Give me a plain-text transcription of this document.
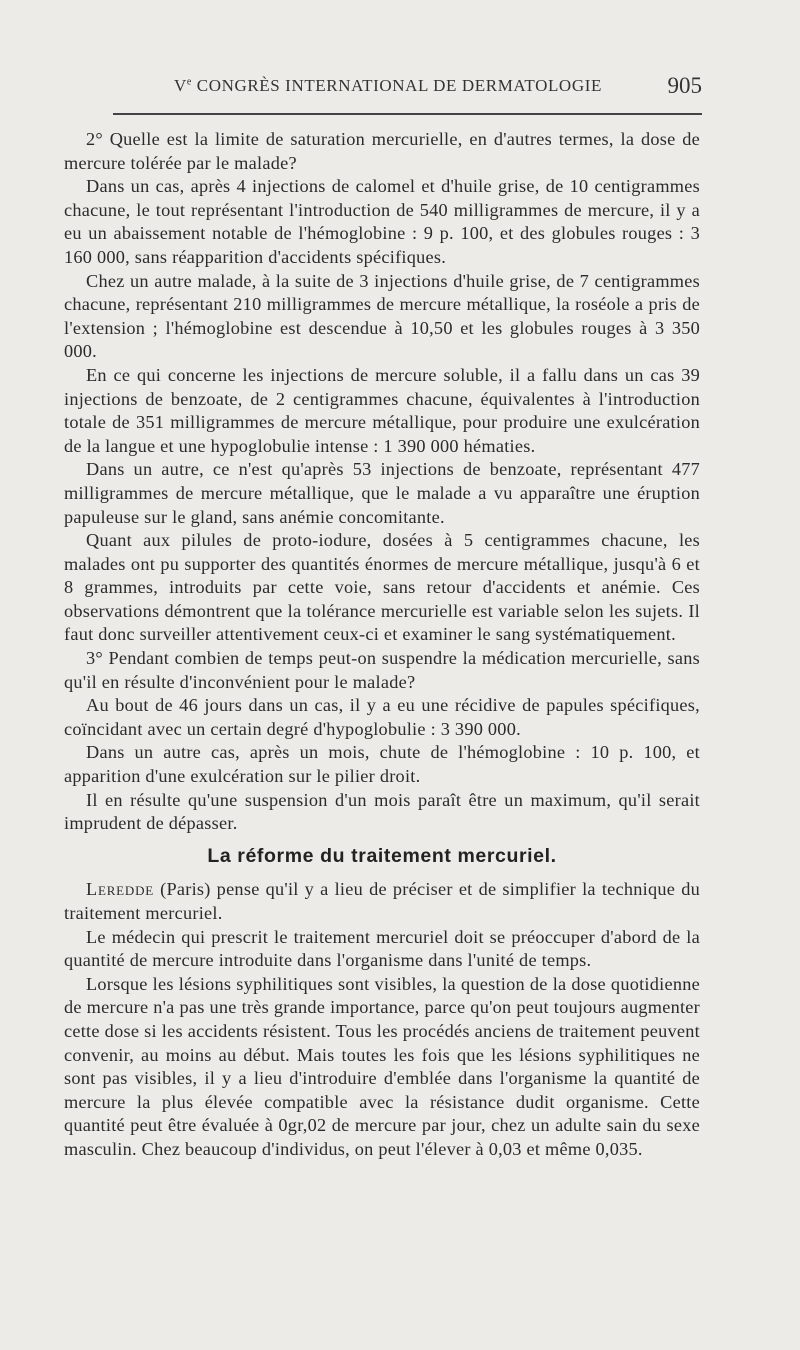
Ve CONGRÈS INTERNATIONAL DE DERMATOLOGIE	905

2° Quelle est la limite de saturation mercurielle, en d'autres termes, la dose de mercure tolérée par le malade?

Dans un cas, après 4 injections de calomel et d'huile grise, de 10 centigrammes chacune, le tout représentant l'introduction de 540 milligrammes de mercure, il y a eu un abaissement notable de l'hémoglobine : 9 p. 100, et des globules rouges : 3 160 000, sans réapparition d'accidents spécifiques.

Chez un autre malade, à la suite de 3 injections d'huile grise, de 7 centigrammes chacune, représentant 210 milligrammes de mercure métallique, la roséole a pris de l'extension ; l'hémoglobine est descendue à 10,50 et les globules rouges à 3 350 000.

En ce qui concerne les injections de mercure soluble, il a fallu dans un cas 39 injections de benzoate, de 2 centigrammes chacune, équivalentes à l'introduction totale de 351 milligrammes de mercure métallique, pour produire une exulcération de la langue et une hypoglobulie intense : 1 390 000 hématies.

Dans un autre, ce n'est qu'après 53 injections de benzoate, représentant 477 milligrammes de mercure métallique, que le malade a vu apparaître une éruption papuleuse sur le gland, sans anémie concomitante.

Quant aux pilules de proto-iodure, dosées à 5 centigrammes chacune, les malades ont pu supporter des quantités énormes de mercure métallique, jusqu'à 6 et 8 grammes, introduits par cette voie, sans retour d'accidents et anémie. Ces observations démontrent que la tolérance mercurielle est variable selon les sujets. Il faut donc surveiller attentivement ceux-ci et examiner le sang systématiquement.

3° Pendant combien de temps peut-on suspendre la médication mercurielle, sans qu'il en résulte d'inconvénient pour le malade?

Au bout de 46 jours dans un cas, il y a eu une récidive de papules spécifiques, coïncidant avec un certain degré d'hypoglobulie : 3 390 000.

Dans un autre cas, après un mois, chute de l'hémoglobine : 10 p. 100, et apparition d'une exulcération sur le pilier droit.

Il en résulte qu'une suspension d'un mois paraît être un maximum, qu'il serait imprudent de dépasser.

La réforme du traitement mercuriel.

Leredde (Paris) pense qu'il y a lieu de préciser et de simplifier la technique du traitement mercuriel.

Le médecin qui prescrit le traitement mercuriel doit se préoccuper d'abord de la quantité de mercure introduite dans l'organisme dans l'unité de temps.

Lorsque les lésions syphilitiques sont visibles, la question de la dose quotidienne de mercure n'a pas une très grande importance, parce qu'on peut toujours augmenter cette dose si les accidents résistent. Tous les procédés anciens de traitement peuvent convenir, au moins au début. Mais toutes les fois que les lésions syphilitiques ne sont pas visibles, il y a lieu d'introduire d'emblée dans l'organisme la quantité de mercure la plus élevée compatible avec la résistance dudit organisme. Cette quantité peut être évaluée à 0gr,02 de mercure par jour, chez un adulte sain du sexe masculin. Chez beaucoup d'individus, on peut l'élever à 0,03 et même 0,035.
